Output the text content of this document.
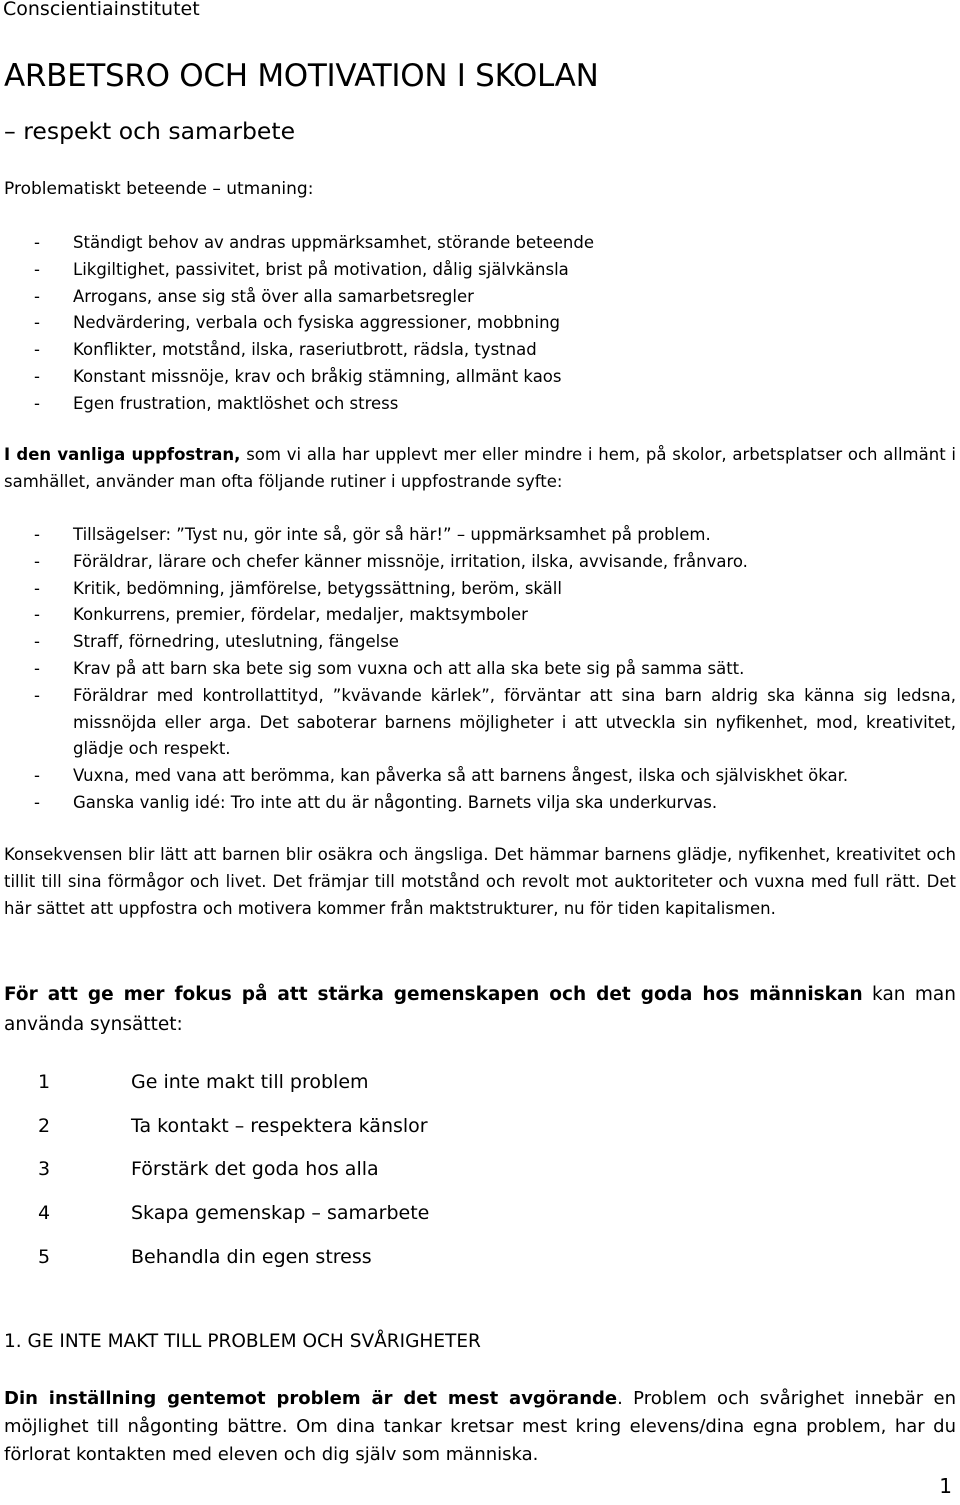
Conscientiainstitutet
ARBETSRO OCH MOTIVATION I SKOLAN
– respekt och samarbete
Problematiskt beteende – utmaning:
- Ständigt behov av andras uppmärksamhet, störande beteende
- Likgiltighet, passivitet, brist på motivation, dålig självkänsla
- Arrogans, anse sig stå över alla samarbetsregler
- Nedvärdering, verbala och fysiska aggressioner, mobbning
- Konflikter, motstånd, ilska, raseriutbrott, rädsla, tystnad
- Konstant missnöje, krav och bråkig stämning, allmänt kaos
- Egen frustration, maktlöshet och stress

I den vanliga uppfostran, som vi alla har upplevt mer eller mindre i hem, på skolor, arbetsplatser och allmänt i samhället, använder man ofta följande rutiner i uppfostrande syfte:

- Tillsägelser: ”Tyst nu, gör inte så, gör så här!” – uppmärksamhet på problem.
- Föräldrar, lärare och chefer känner missnöje, irritation, ilska, avvisande, frånvaro.
- Kritik, bedömning, jämförelse, betygssättning, beröm, skäll
- Konkurrens, premier, fördelar, medaljer, maktsymboler
- Straff, förnedring, uteslutning, fängelse
- Krav på att barn ska bete sig som vuxna och att alla ska bete sig på samma sätt.
- Föräldrar med kontrollattityd, ”kvävande kärlek”, förväntar att sina barn aldrig ska känna sig ledsna, missnöjda eller arga. Det saboterar barnens möjligheter i att utveckla sin nyfikenhet, mod, kreativitet, glädje och respekt.
- Vuxna, med vana att berömma, kan påverka så att barnens ångest, ilska och själviskhet ökar.
- Ganska vanlig idé: Tro inte att du är någonting. Barnets vilja ska underkurvas.

Konsekvensen blir lätt att barnen blir osäkra och ängsliga. Det hämmar barnens glädje, nyfikenhet, kreativitet och tillit till sina förmågor och livet. Det främjar till motstånd och revolt mot auktoriteter och vuxna med full rätt. Det här sättet att uppfostra och motivera kommer från maktstrukturer, nu för tiden kapitalismen.

För att ge mer fokus på att stärka gemenskapen och det goda hos människan kan man använda synsättet:

1	Ge inte makt till problem
2	Ta kontakt – respektera känslor
3	Förstärk det goda hos alla
4	Skapa gemenskap – samarbete
5	Behandla din egen stress
1. GE INTE MAKT TILL PROBLEM OCH SVÅRIGHETER

Din inställning gentemot problem är det mest avgörande. Problem och svårighet innebär en möjlighet till någonting bättre. Om dina tankar kretsar mest kring elevens/dina egna problem, har du förlorat kontakten med eleven och dig själv som människa.

1
